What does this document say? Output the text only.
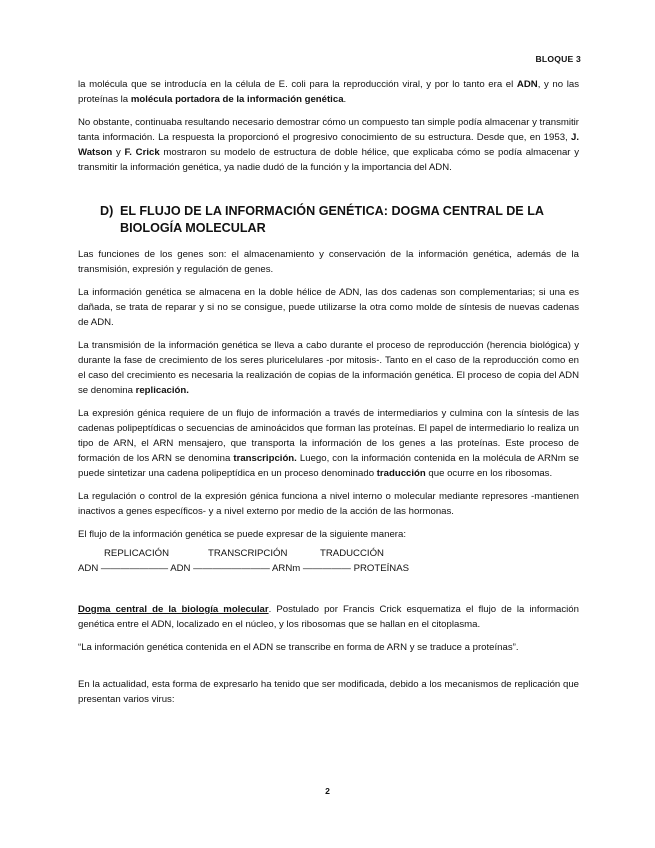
BLOQUE 3

la molécula que se introducía en la célula de E. coli para la reproducción viral, y por lo tanto era el ADN, y no las proteínas la molécula portadora de la información genética.

No obstante, continuaba resultando necesario demostrar cómo un compuesto tan simple podía almacenar y transmitir tanta información. La respuesta la proporcionó el progresivo conocimiento de su estructura. Desde que, en 1953, J. Watson y F. Crick mostraron su modelo de estructura de doble hélice, que explicaba cómo se podía almacenar y transmitir la información genética, ya nadie dudó de la función y la importancia del ADN.

D) EL FLUJO DE LA INFORMACIÓN GENÉTICA: DOGMA CENTRAL DE LA
BIOLOGÍA MOLECULAR

Las funciones de los genes son: el almacenamiento y conservación de la información genética, además de la transmisión, expresión y regulación de genes.

La información genética se almacena en la doble hélice de ADN, las dos cadenas son complementarias; si una es dañada, se trata de reparar y si no se consigue, puede utilizarse la otra como molde de síntesis de nuevas cadenas de ADN.

La transmisión de la información genética se lleva a cabo durante el proceso de reproducción (herencia biológica) y durante la fase de crecimiento de los seres pluricelulares -por mitosis-. Tanto en el caso de la reproducción como en el caso del crecimiento es necesaria la realización de copias de la información genética. El proceso de copia del ADN se denomina replicación.

La expresión génica requiere de un flujo de información a través de intermediarios y culmina con la síntesis de las cadenas polipeptídicas o secuencias de aminoácidos que forman las proteínas. El papel de intermediario lo realiza un tipo de ARN, el ARN mensajero, que transporta la información de los genes a las proteínas. Este proceso de formación de los ARN se denomina transcripción. Luego, con la información contenida en la molécula de ARNm se puede sintetizar una cadena polipeptídica en un proceso denominado traducción que ocurre en los ribosomas.

La regulación o control de la expresión génica funciona a nivel interno o molecular mediante represores -mantienen inactivos a genes específicos- y a nivel externo por medio de la acción de las hormonas.

El flujo de la información genética se puede expresar de la siguiente manera:

REPLICACIÓN	TRANSCRIPCIÓN	TRADUCCIÓN
ADN ——————— ADN ———————— ARNm ————— PROTEÍNAS

Dogma central de la biología molecular. Postulado por Francis Crick esquematiza el flujo de la información genética entre el ADN, localizado en el núcleo, y los ribosomas que se hallan en el citoplasma.

“La información genética contenida en el ADN se transcribe en forma de ARN y se traduce a proteínas”.

En la actualidad, esta forma de expresarlo ha tenido que ser modificada, debido a los mecanismos de replicación que presentan varios virus:

2
